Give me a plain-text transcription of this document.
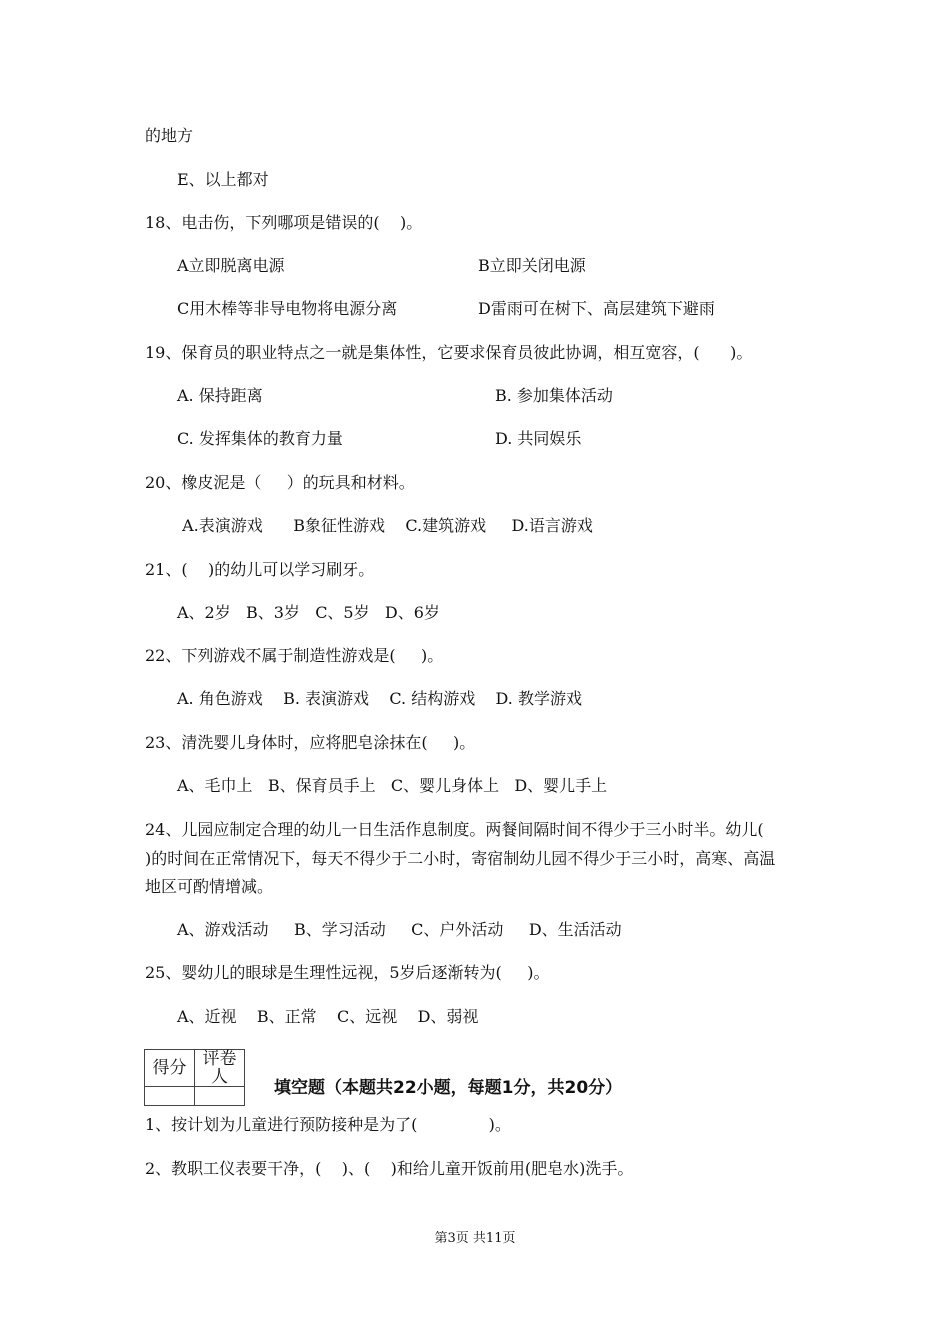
的地方
E、以上都对
18、电击伤，下列哪项是错误的(    )。
A立即脱离电源	B立即关闭电源
C用木棒等非导电物将电源分离	D雷雨可在树下、高层建筑下避雨
19、保育员的职业特点之一就是集体性，它要求保育员彼此协调，相互宽容，(      )。
A. 保持距离	B. 参加集体活动
C. 发挥集体的教育力量	D. 共同娱乐
20、橡皮泥是（     ）的玩具和材料。
A.表演游戏      B象征性游戏    C.建筑游戏     D.语言游戏
21、(    )的幼儿可以学习刷牙。
A、2岁   B、3岁   C、5岁   D、6岁
22、下列游戏不属于制造性游戏是(     )。
A. 角色游戏    B. 表演游戏    C. 结构游戏    D. 教学游戏
23、清洗婴儿身体时，应将肥皂涂抹在(     )。
A、毛巾上   B、保育员手上   C、婴儿身体上   D、婴儿手上
24、儿园应制定合理的幼儿一日生活作息制度。两餐间隔时间不得少于三小时半。幼儿(
)的时间在正常情况下，每天不得少于二小时，寄宿制幼儿园不得少于三小时，高寒、高温
地区可酌情增减。
A、游戏活动     B、学习活动     C、户外活动     D、生活活动
25、婴幼儿的眼球是生理性远视，5岁后逐渐转为(     )。
A、近视    B、正常    C、远视    D、弱视
得分	评卷人

填空题（本题共22小题，每题1分，共20分）
1、按计划为儿童进行预防接种是为了(              )。
2、教职工仪表要干净，(    )、(    )和给儿童开饭前用(肥皂水)洗手。
第3页 共11页
